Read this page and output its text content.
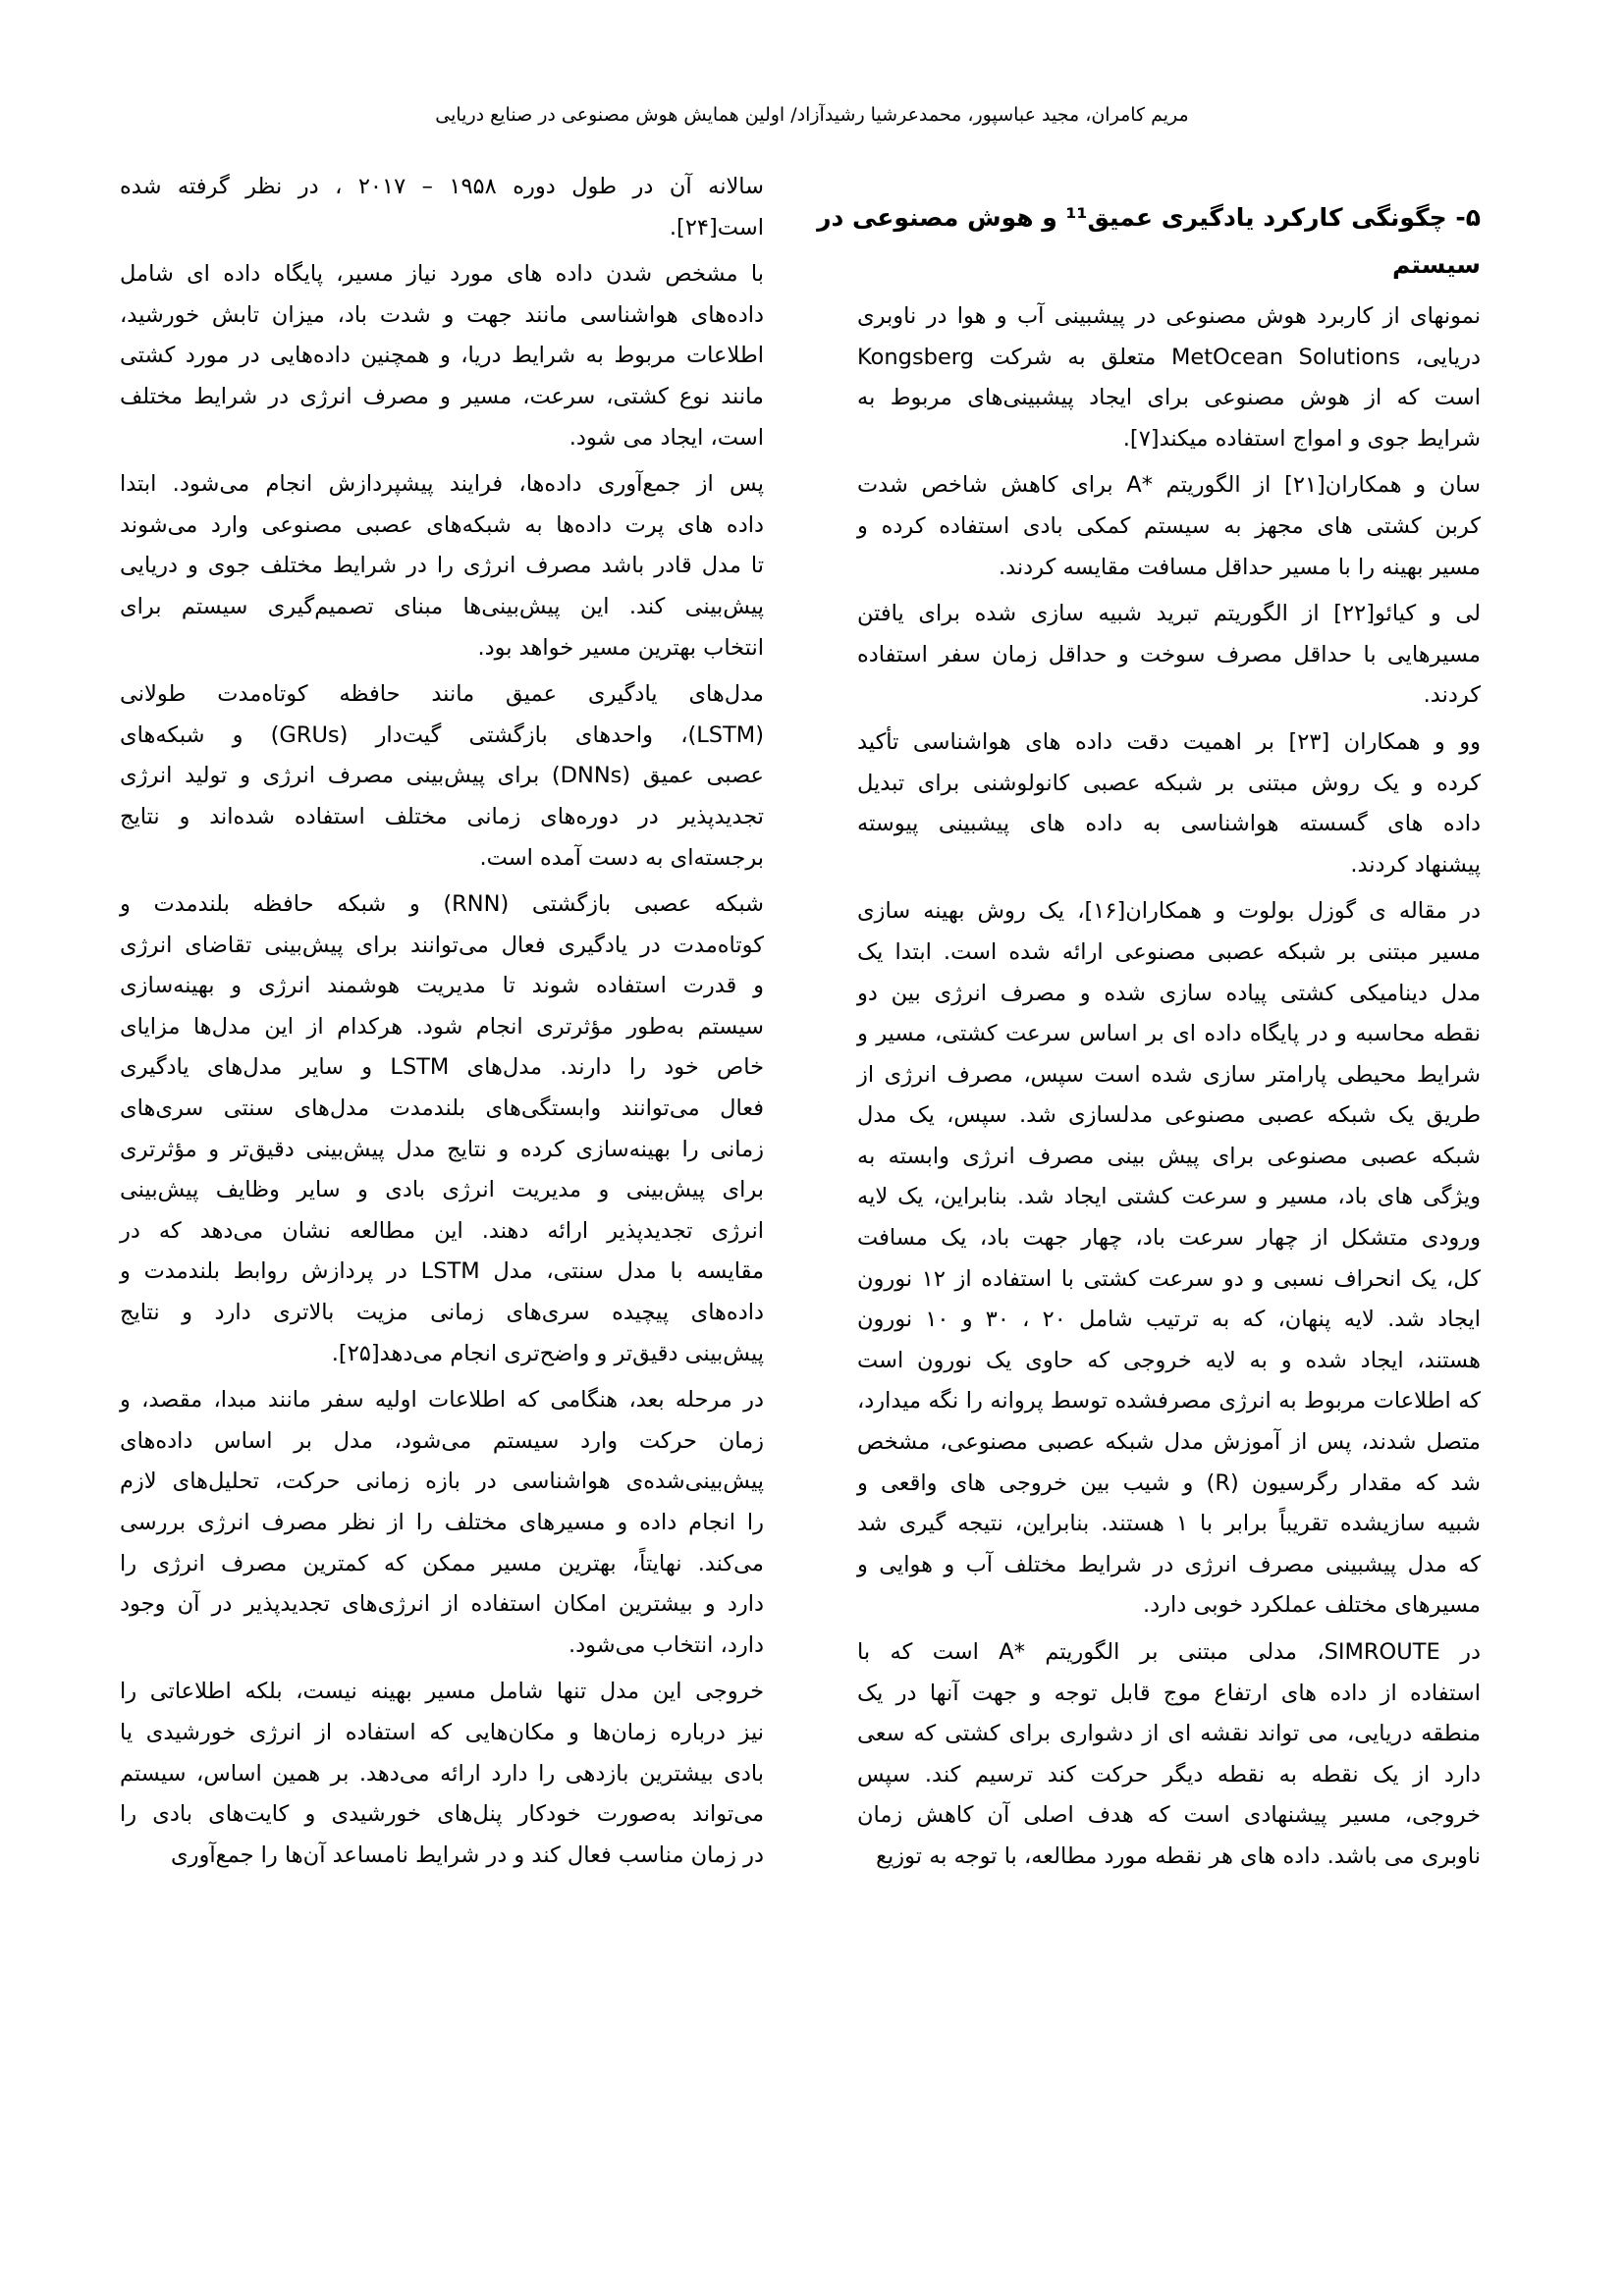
مریم کامران، مجید عباسپور، محمدعرشیا رشیدآزاد/ اولین همایش هوش مصنوعی در صنایع دریایی
۵- چگونگی کارکرد یادگیری عمیق¹¹ و هوش مصنوعی در
سیستم
نمونهای از کاربرد هوش مصنوعی در پیشبینی آب و هوا در ناوبری
دریایی، MetOcean Solutions متعلق به شرکت Kongsberg
است که از هوش مصنوعی برای ایجاد پیشبینی‌های مربوط به
شرایط جوی و امواج استفاده میکند[۷].
سان و همکاران[۲۱] از الگوریتم *A برای کاهش شاخص شدت
کربن کشتی های مجهز به سیستم کمکی بادی استفاده کرده و
مسیر بهینه را با مسیر حداقل مسافت مقایسه کردند.
لی و کیائو[۲۲] از الگوریتم تبرید شبیه سازی شده برای یافتن
مسیرهایی با حداقل مصرف سوخت و حداقل زمان سفر استفاده
کردند.
وو و همکاران [۲۳] بر اهمیت دقت داده های هواشناسی تأکید
کرده و یک روش مبتنی بر شبکه عصبی کانولوشنی برای تبدیل
داده های گسسته هواشناسی به داده های پیشبینی پیوسته
پیشنهاد کردند.
در مقاله ی گوزل بولوت و همکاران[۱۶]، یک روش بهینه سازی
مسیر مبتنی بر شبکه عصبی مصنوعی ارائه شده است. ابتدا یک
مدل دینامیکی کشتی پیاده سازی شده و مصرف انرژی بین دو
نقطه محاسبه و در پایگاه داده ای بر اساس سرعت کشتی، مسیر و
شرایط محیطی پارامتر سازی شده است سپس، مصرف انرژی از
طریق یک شبکه عصبی مصنوعی مدلسازی شد. سپس، یک مدل
شبکه عصبی مصنوعی برای پیش بینی مصرف انرژی وابسته به
ویژگی های باد، مسیر و سرعت کشتی ایجاد شد. بنابراین، یک لایه
ورودی متشکل از چهار سرعت باد، چهار جهت باد، یک مسافت
کل، یک انحراف نسبی و دو سرعت کشتی با استفاده از ۱۲ نورون
ایجاد شد. لایه پنهان، که به ترتیب شامل ۲۰ ، ۳۰ و ۱۰ نورون
هستند، ایجاد شده و به لایه خروجی که حاوی یک نورون است
که اطلاعات مربوط به انرژی مصرفشده توسط پروانه را نگه میدارد،
متصل شدند، پس از آموزش مدل شبکه عصبی مصنوعی، مشخص
شد که مقدار رگرسیون (R) و شیب بین خروجی های واقعی و
شبیه سازیشده تقریباً برابر با ۱ هستند. بنابراین، نتیجه گیری شد
که مدل پیشبینی مصرف انرژی در شرایط مختلف آب و هوایی و
مسیرهای مختلف عملکرد خوبی دارد.
در SIMROUTE، مدلی مبتنی بر الگوریتم *A است که با
استفاده از داده های ارتفاع موج قابل توجه و جهت آنها در یک
منطقه دریایی، می تواند نقشه ای از دشواری برای کشتی که سعی
دارد از یک نقطه به نقطه دیگر حرکت کند ترسیم کند. سپس
خروجی، مسیر پیشنهادی است که هدف اصلی آن کاهش زمان
ناوبری می باشد. داده های هر نقطه مورد مطالعه، با توجه به توزیع
سالانه آن در طول دوره ۱۹۵۸ – ۲۰۱۷ ، در نظر گرفته شده
است[۲۴].
با مشخص شدن داده های مورد نیاز مسیر، پایگاه داده ای شامل
داده‌های هواشناسی مانند جهت و شدت باد، میزان تابش خورشید،
اطلاعات مربوط به شرایط دریا، و همچنین داده‌هایی در مورد کشتی
مانند نوع کشتی، سرعت، مسیر و مصرف انرژی در شرایط مختلف
است، ایجاد می شود.
پس از جمع‌آوری داده‌ها، فرایند پیشپردازش انجام می‌شود. ابتدا
داده های پرت داده‌ها به شبکه‌های عصبی مصنوعی وارد می‌شوند
تا مدل قادر باشد مصرف انرژی را در شرایط مختلف جوی و دریایی
پیش‌بینی کند. این پیش‌بینی‌ها مبنای تصمیم‌گیری سیستم برای
انتخاب بهترین مسیر خواهد بود.
مدل‌های یادگیری عمیق مانند حافظه کوتاه‌مدت طولانی
(LSTM)، واحدهای بازگشتی گیت‌دار (GRUs) و شبکه‌های
عصبی عمیق (DNNs) برای پیش‌بینی مصرف انرژی و تولید انرژی
تجدیدپذیر در دوره‌های زمانی مختلف استفاده شده‌اند و نتایج
برجسته‌ای به دست آمده است.
شبکه عصبی بازگشتی (RNN) و شبکه حافظه بلندمدت و
کوتاه‌مدت در یادگیری فعال می‌توانند برای پیش‌بینی تقاضای انرژی
و قدرت استفاده شوند تا مدیریت هوشمند انرژی و بهینه‌سازی
سیستم به‌طور مؤثرتری انجام شود. هرکدام از این مدل‌ها مزایای
خاص خود را دارند. مدل‌های LSTM و سایر مدل‌های یادگیری
فعال می‌توانند وابستگی‌های بلندمدت مدل‌های سنتی سری‌های
زمانی را بهینه‌سازی کرده و نتایج مدل پیش‌بینی دقیق‌تر و مؤثرتری
برای پیش‌بینی و مدیریت انرژی بادی و سایر وظایف پیش‌بینی
انرژی تجدیدپذیر ارائه دهند. این مطالعه نشان می‌دهد که در
مقایسه با مدل سنتی، مدل LSTM در پردازش روابط بلندمدت و
داده‌های پیچیده سری‌های زمانی مزیت بالاتری دارد و نتایج
پیش‌بینی دقیق‌تر و واضح‌تری انجام می‌دهد[۲۵].
در مرحله بعد، هنگامی که اطلاعات اولیه سفر مانند مبدا، مقصد، و
زمان حرکت وارد سیستم می‌شود، مدل بر اساس داده‌های
پیش‌بینی‌شده‌ی هواشناسی در بازه زمانی حرکت، تحلیل‌های لازم
را انجام داده و مسیرهای مختلف را از نظر مصرف انرژی بررسی
می‌کند. نهایتاً، بهترین مسیر ممکن که کمترین مصرف انرژی را
دارد و بیشترین امکان استفاده از انرژی‌های تجدیدپذیر در آن وجود
دارد، انتخاب می‌شود.
خروجی این مدل تنها شامل مسیر بهینه نیست، بلکه اطلاعاتی را
نیز درباره زمان‌ها و مکان‌هایی که استفاده از انرژی خورشیدی یا
بادی بیشترین بازدهی را دارد ارائه می‌دهد. بر همین اساس، سیستم
می‌تواند به‌صورت خودکار پنل‌های خورشیدی و کایت‌های بادی را
در زمان مناسب فعال کند و در شرایط نامساعد آن‌ها را جمع‌آوری
